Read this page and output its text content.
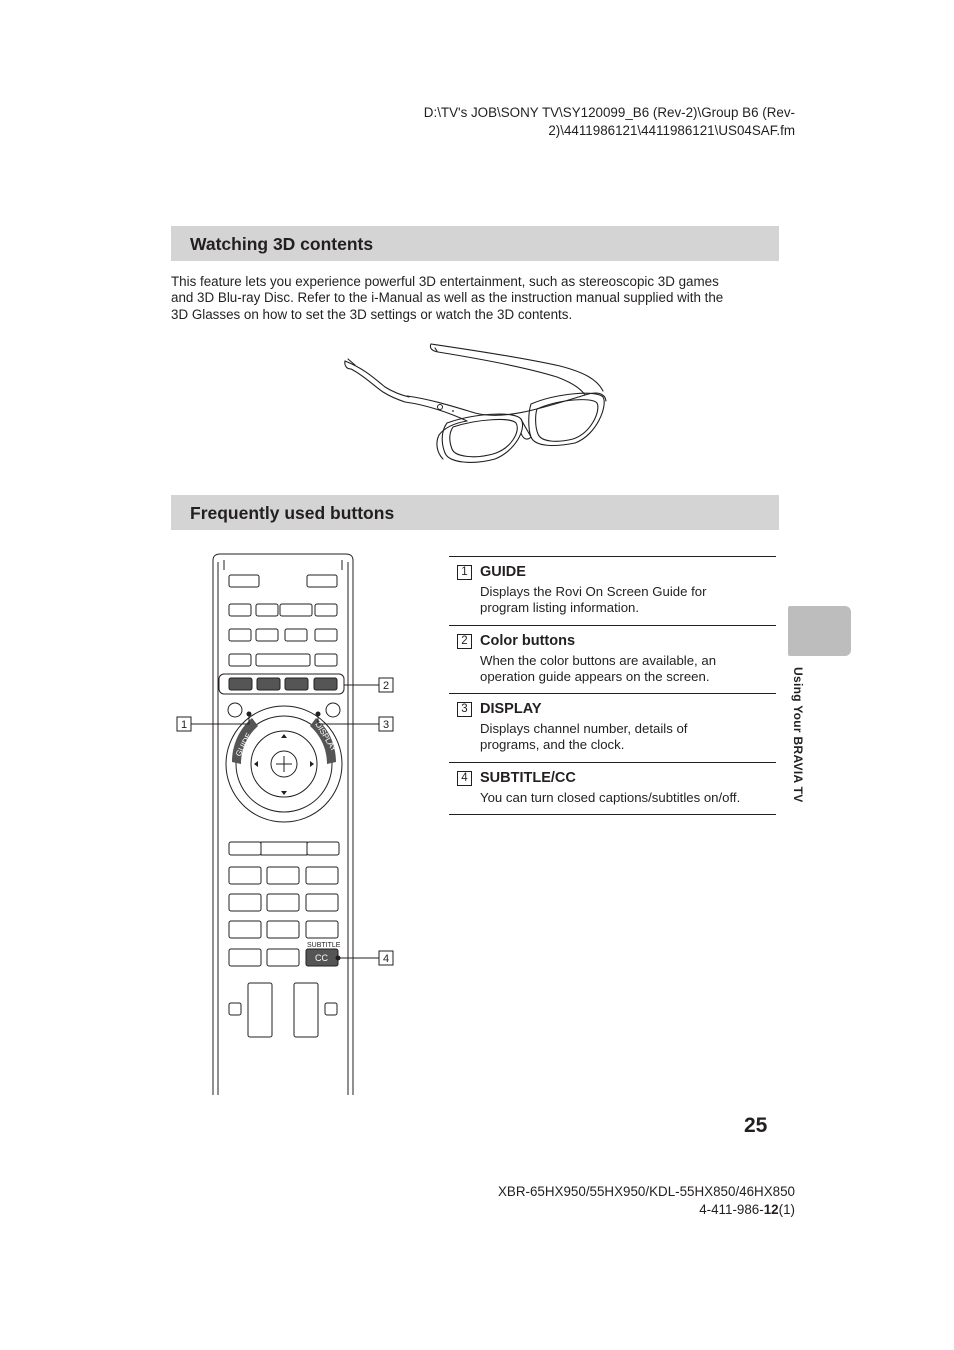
D:\TV's JOB\SONY TV\SY120099_B6 (Rev-2)\Group B6 (Rev-
2)\4411986121\4411986121\US04SAF.fm
Watching 3D contents
This feature lets you experience powerful 3D entertainment, such as stereoscopic 3D games
and 3D Blu-ray Disc. Refer to the i-Manual as well as the instruction manual supplied with the
3D Glasses on how to set the 3D settings or watch the 3D contents.
Frequently used buttons
GUIDE	DISPLAY
SUBTITLE
CC
2
1	3
4
1 GUIDE

Displays the Rovi On Screen Guide for
program listing information.

2 Color buttons

When the color buttons are available, an
operation guide appears on the screen.

3 DISPLAY

Displays channel number, details of
programs, and the clock.

4 SUBTITLE/CC

You can turn closed captions/subtitles on/off.	Using Your BRAVIA TV
25
XBR-65HX950/55HX950/KDL-55HX850/46HX850
4-411-986-12(1)
